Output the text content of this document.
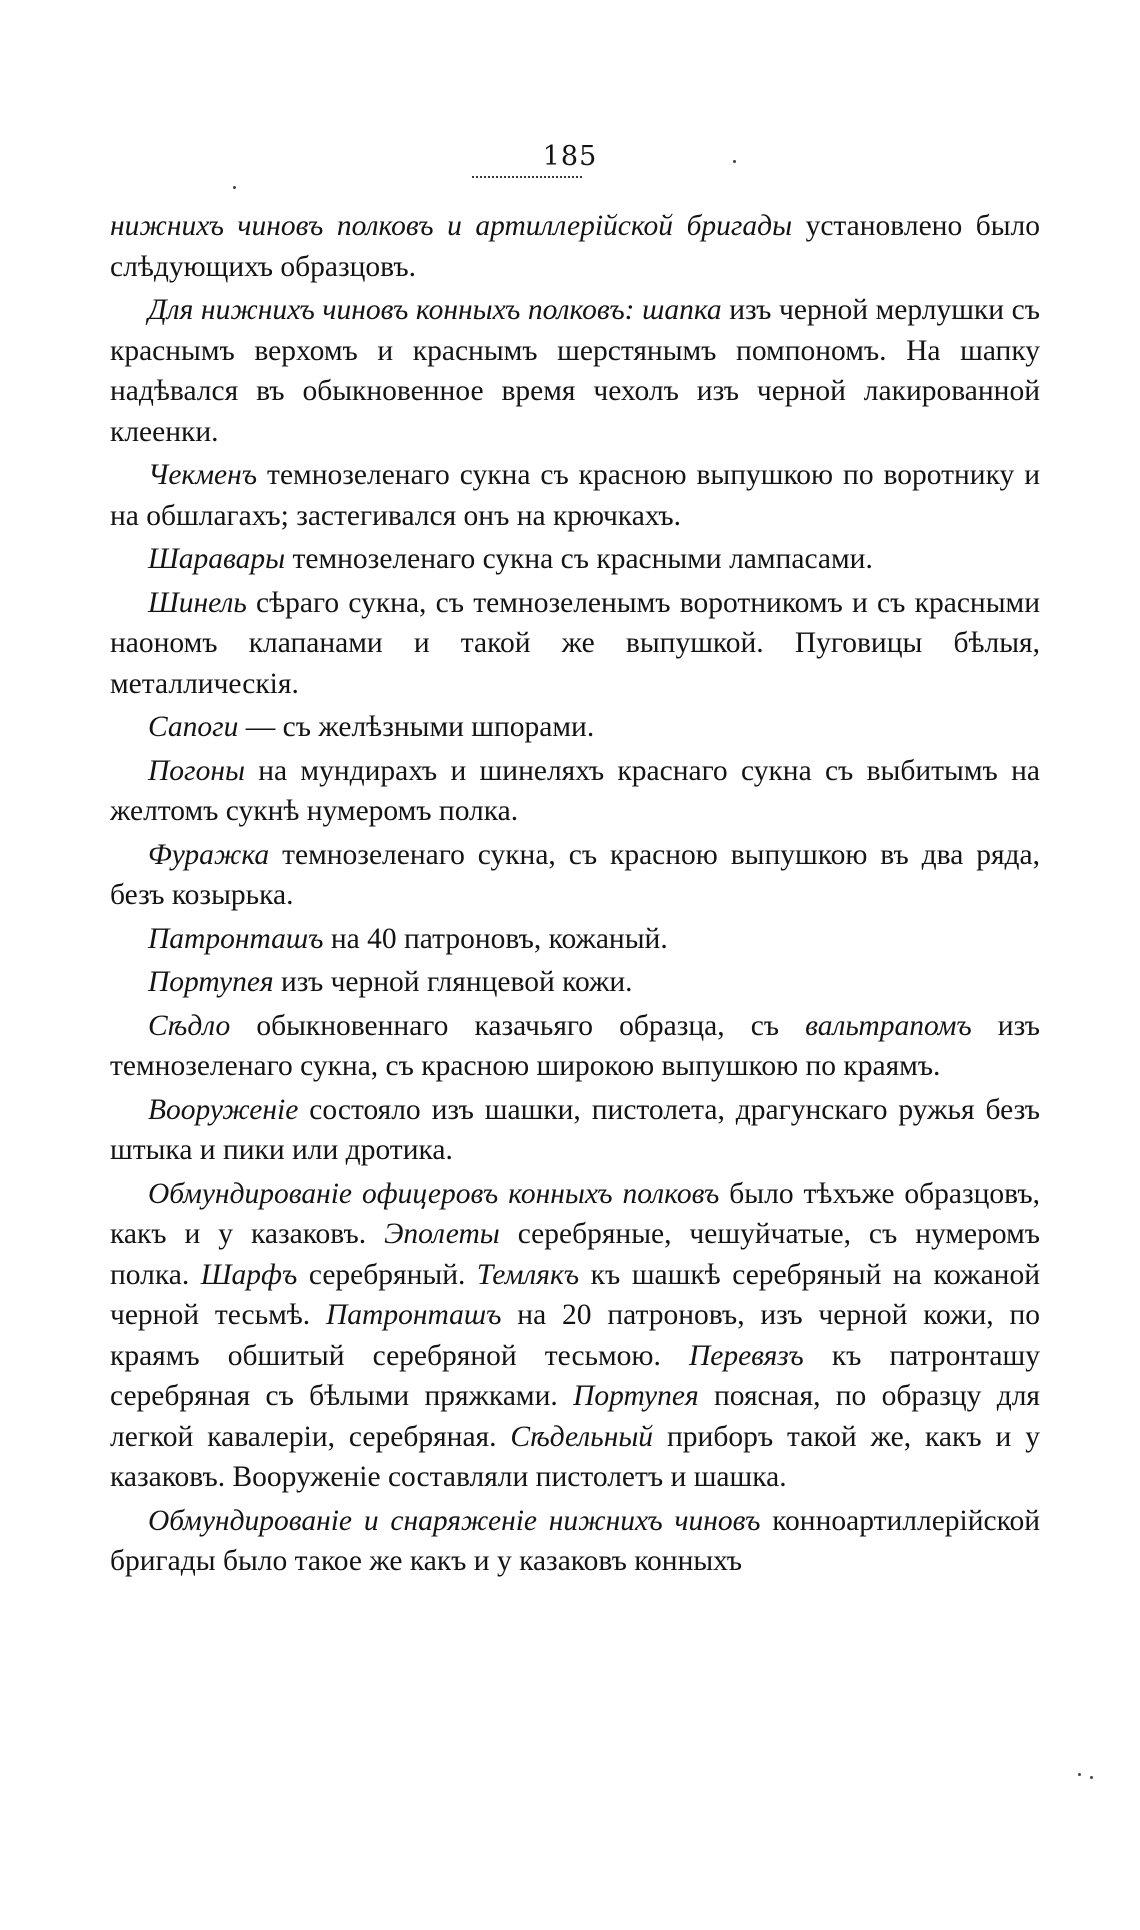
185

нижнихъ чиновъ полковъ и артиллерійской бригады установлено было слѣдующихъ образцовъ.

Для нижнихъ чиновъ конныхъ полковъ: шапка изъ черной мерлушки съ краснымъ верхомъ и краснымъ шерстянымъ помпономъ. На шапку надѣвался въ обыкновенное время чехолъ изъ черной лакированной клеенки.

Чекменъ темнозеленаго сукна съ красною выпушкою по воротнику и на обшлагахъ; застегивался онъ на крючкахъ.

Шаравары темнозеленаго сукна съ красными лампасами.

Шинель сѣраго сукна, съ темнозеленымъ воротникомъ и съ красными наономъ клапанами и такой же выпушкой. Пуговицы бѣлыя, металлическія.

Сапоги — съ желѣзными шпорами.

Погоны на мундирахъ и шинеляхъ краснаго сукна съ выбитымъ на желтомъ сукнѣ нумеромъ полка.

Фуражка темнозеленаго сукна, съ красною выпушкою въ два ряда, безъ козырька.

Патронташъ на 40 патроновъ, кожаный.

Портупея изъ черной глянцевой кожи.

Сѣдло обыкновеннаго казачьяго образца, съ вальтрапомъ изъ темнозеленаго сукна, съ красною широкою выпушкою по краямъ.

Вооруженіе состояло изъ шашки, пистолета, драгунскаго ружья безъ штыка и пики или дротика.

Обмундированіе офицеровъ конныхъ полковъ было тѣхъже образцовъ, какъ и у казаковъ. Эполеты серебряные, чешуйчатые, съ нумеромъ полка. Шарфъ серебряный. Темлякъ къ шашкѣ серебряный на кожаной черной тесьмѣ. Патронташъ на 20 патроновъ, изъ черной кожи, по краямъ обшитый серебряной тесьмою. Перевязъ къ патронташу серебряная съ бѣлыми пряжками. Портупея поясная, по образцу для легкой кавалеріи, серебряная. Сѣдельный приборъ такой же, какъ и у казаковъ. Вооруженіе составляли пистолетъ и шашка.

Обмундированіе и снаряженіе нижнихъ чиновъ конноартиллерійской бригады было такое же какъ и у казаковъ конныхъ
